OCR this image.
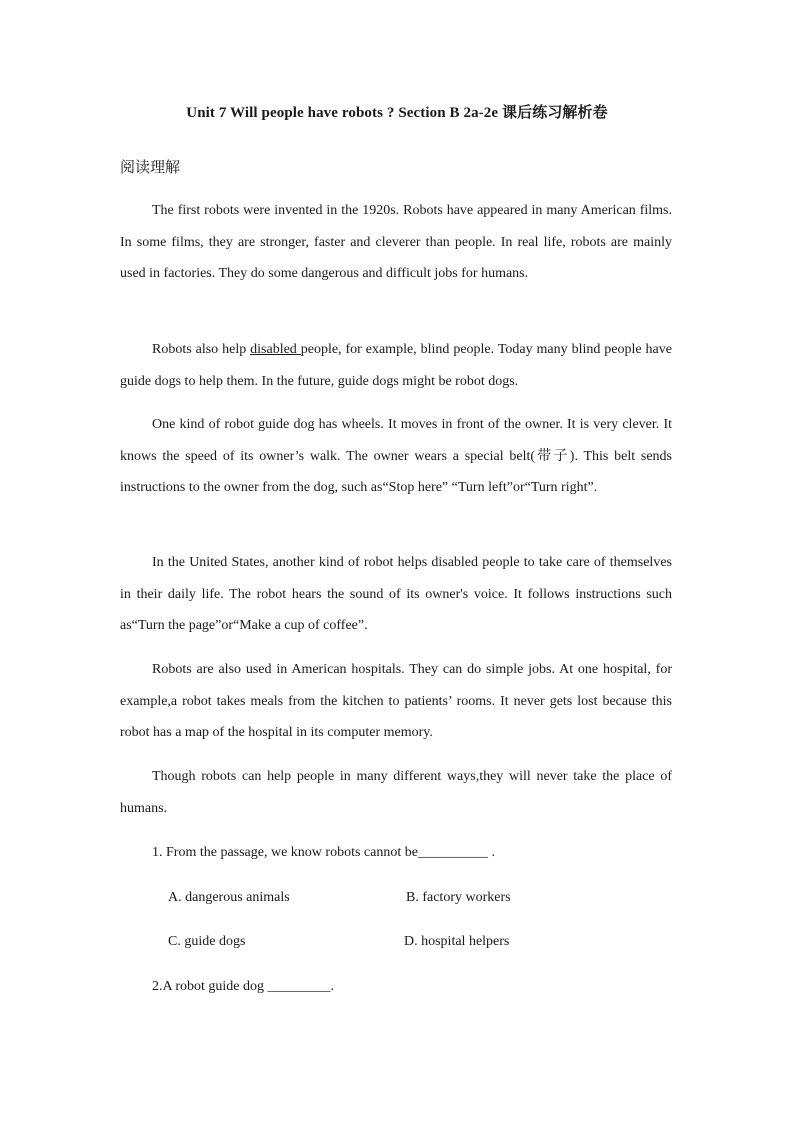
Unit 7 Will people have robots ? Section B 2a-2e 课后练习解析卷
阅读理解

The first robots were invented in the 1920s. Robots have appeared in many American films. In some films, they are stronger, faster and cleverer than people. In real life, robots are mainly used in factories. They do some dangerous and difficult jobs for humans.

Robots also help disabled people, for example, blind people. Today many blind people have guide dogs to help them. In the future, guide dogs might be robot dogs.

One kind of robot guide dog has wheels. It moves in front of the owner. It is very clever. It knows the speed of its owner’s walk. The owner wears a special belt(带子). This belt sends instructions to the owner from the dog, such as“Stop here” “Turn left”or“Turn right”.

In the United States, another kind of robot helps disabled people to take care of themselves in their daily life. The robot hears the sound of its owner's voice. It follows instructions such as“Turn the page”or“Make a cup of coffee”.

Robots are also used in American hospitals. They can do simple jobs. At one hospital, for example,a robot takes meals from the kitchen to patients’ rooms. It never gets lost because this robot has a map of the hospital in its computer memory.

Though robots can help people in many different ways,they will never take the place of humans.

1. From the passage, we know robots cannot be__________ .
A. dangerous animals	B. factory workers
C. guide dogs	D. hospital helpers
2.A robot guide dog _________.
